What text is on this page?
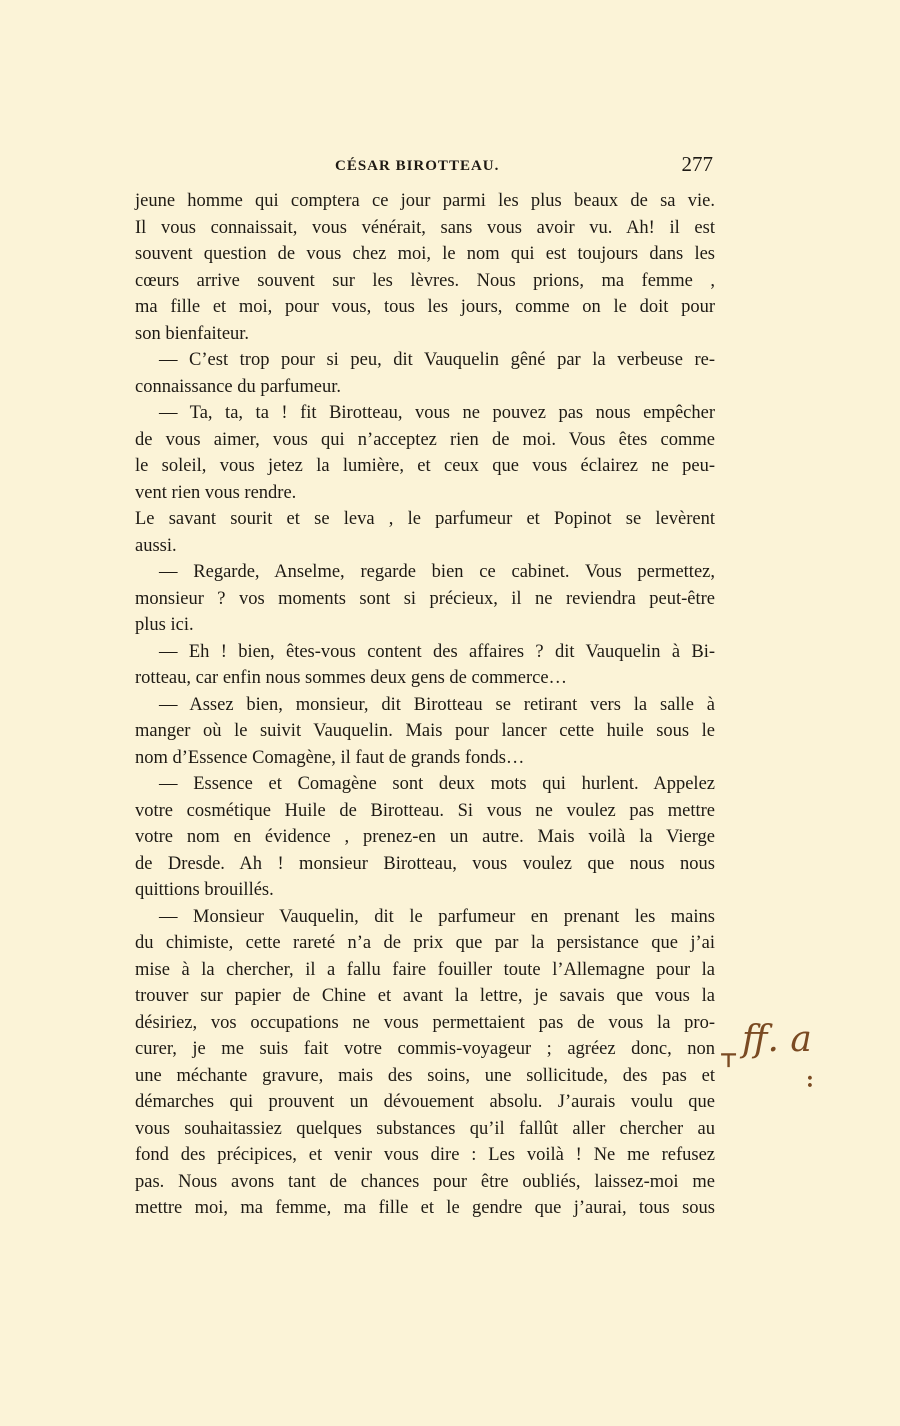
CÉSAR BIROTTEAU.	277
jeune homme qui comptera ce jour parmi les plus beaux de sa vie.
Il vous connaissait, vous vénérait, sans vous avoir vu. Ah! il est
souvent question de vous chez moi, le nom qui est toujours dans les
cœurs arrive souvent sur les lèvres. Nous prions, ma femme ,
ma fille et moi, pour vous, tous les jours, comme on le doit pour
son bienfaiteur.
— C’est trop pour si peu, dit Vauquelin gêné par la verbeuse re-
connaissance du parfumeur.
— Ta, ta, ta ! fit Birotteau, vous ne pouvez pas nous empêcher
de vous aimer, vous qui n’acceptez rien de moi. Vous êtes comme
le soleil, vous jetez la lumière, et ceux que vous éclairez ne peu-
vent rien vous rendre.
Le savant sourit et se leva , le parfumeur et Popinot se levèrent
aussi.
— Regarde, Anselme, regarde bien ce cabinet. Vous permettez,
monsieur ? vos moments sont si précieux, il ne reviendra peut-être
plus ici.
— Eh ! bien, êtes-vous content des affaires ? dit Vauquelin à Bi-
rotteau, car enfin nous sommes deux gens de commerce…
— Assez bien, monsieur, dit Birotteau se retirant vers la salle à
manger où le suivit Vauquelin. Mais pour lancer cette huile sous le
nom d’Essence Comagène, il faut de grands fonds…
— Essence et Comagène sont deux mots qui hurlent. Appelez
votre cosmétique Huile de Birotteau. Si vous ne voulez pas mettre
votre nom en évidence , prenez-en un autre. Mais voilà la Vierge
de Dresde. Ah ! monsieur Birotteau, vous voulez que nous nous
quittions brouillés.
— Monsieur Vauquelin, dit le parfumeur en prenant les mains
du chimiste, cette rareté n’a de prix que par la persistance que j’ai
mise à la chercher, il a fallu faire fouiller toute l’Allemagne pour la
trouver sur papier de Chine et avant la lettre, je savais que vous la
désiriez, vos occupations ne vous permettaient pas de vous la pro-
curer, je me suis fait votre commis-voyageur ; agréez donc, non
une méchante gravure, mais des soins, une sollicitude, des pas et
démarches qui prouvent un dévouement absolu. J’aurais voulu que
vous souhaitassiez quelques substances qu’il fallût aller chercher au
fond des précipices, et venir vous dire : Les voilà ! Ne me refusez
pas. Nous avons tant de chances pour être oubliés, laissez-moi me
mettre moi, ma femme, ma fille et le gendre que j’aurai, tous sous
⊤
ff. a
:
